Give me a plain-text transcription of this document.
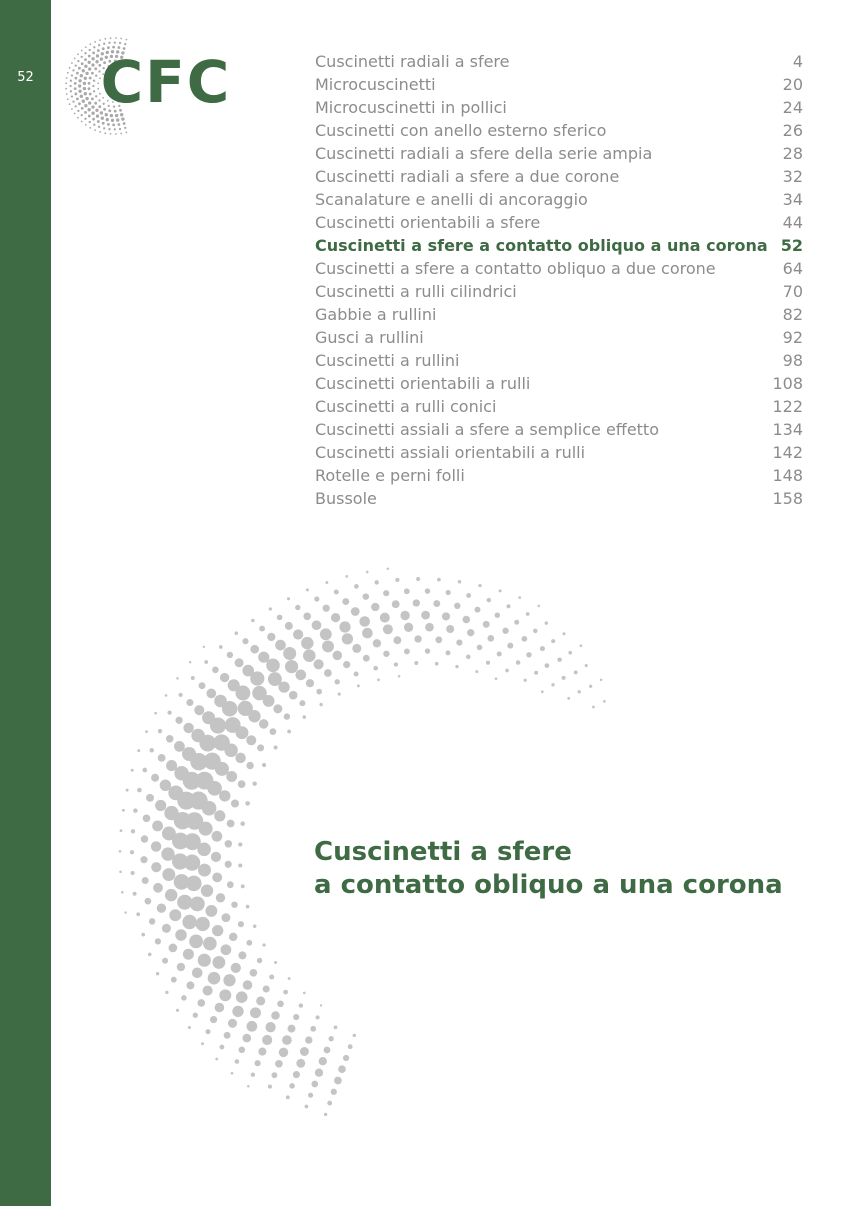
52 CFC	Cuscinetti radiali a sfere	4
Microcuscinetti	20
Microcuscinetti in pollici	24
Cuscinetti con anello esterno sferico	26
Cuscinetti radiali a sfere della serie ampia	28
Cuscinetti radiali a sfere a due corone	32
Scanalature e anelli di ancoraggio	34
Cuscinetti orientabili a sfere	44
Cuscinetti a sfere a contatto obliquo a una corona 52
Cuscinetti a sfere a contatto obliquo a due corone	64
Cuscinetti a rulli cilindrici	70
Gabbie a rullini	82
Gusci a rullini	92
Cuscinetti a rullini	98
Cuscinetti orientabili a rulli	108
Cuscinetti a rulli conici	122
Cuscinetti assiali a sfere a semplice effetto	134
Cuscinetti assiali orientabili a rulli	142
Rotelle e perni folli	148
Bussole	158
Cuscinetti a sfere
a contatto obliquo a una corona
